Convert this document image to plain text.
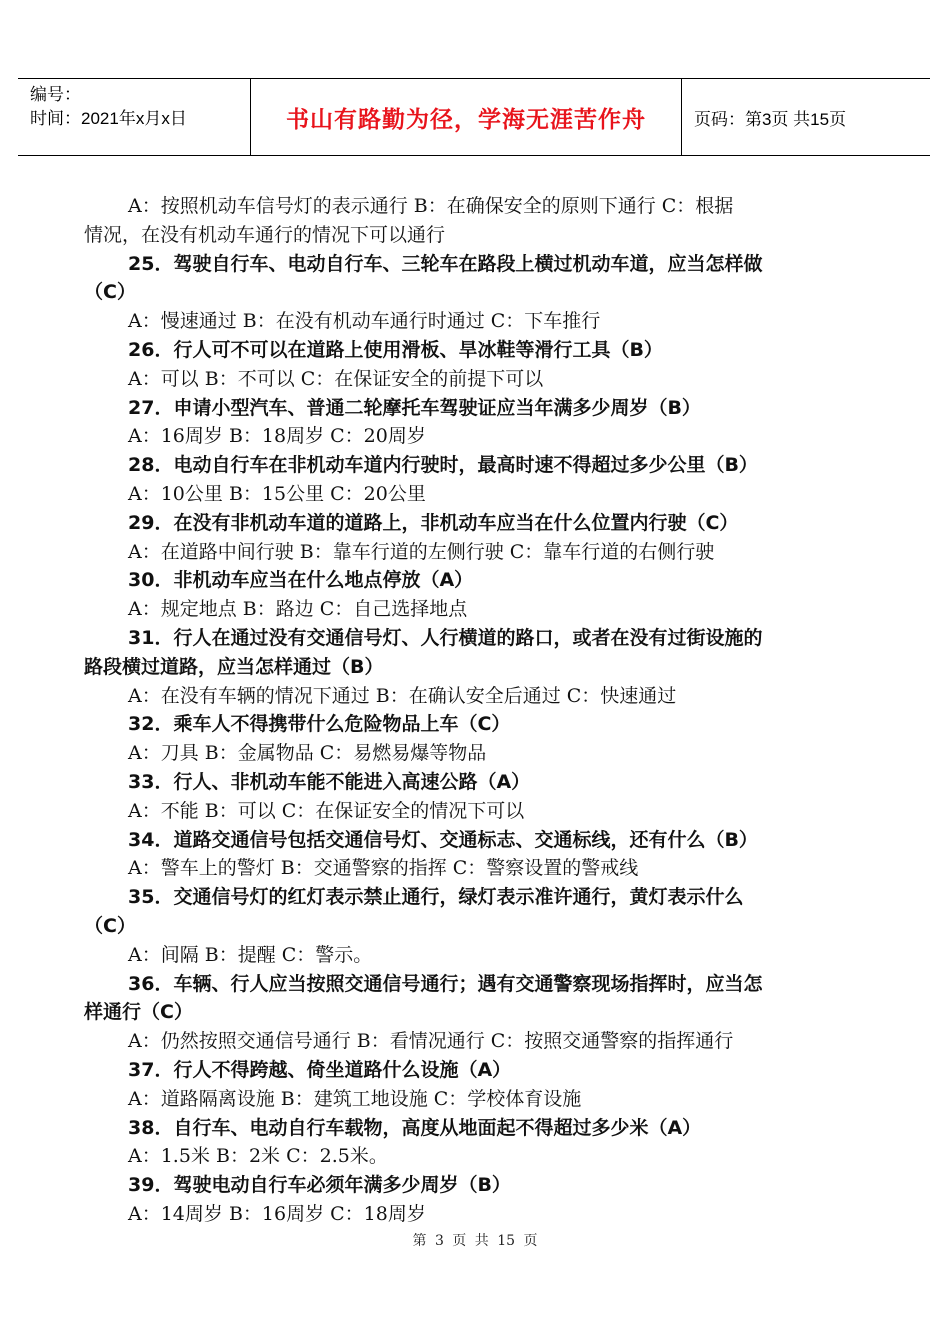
编号：
时间：2021年x月x日	书山有路勤为径，学海无涯苦作舟	页码：第3页 共15页
A：按照机动车信号灯的表示通行 B：在确保安全的原则下通行 C：根据
情况，在没有机动车通行的情况下可以通行
25．驾驶自行车、电动自行车、三轮车在路段上横过机动车道，应当怎样做
（C）
A：慢速通过 B：在没有机动车通行时通过 C：下车推行
26．行人可不可以在道路上使用滑板、旱冰鞋等滑行工具（B）
A：可以 B：不可以 C：在保证安全的前提下可以
27．申请小型汽车、普通二轮摩托车驾驶证应当年满多少周岁（B）
A：16周岁 B：18周岁 C：20周岁
28．电动自行车在非机动车道内行驶时，最高时速不得超过多少公里（B）
A：10公里 B：15公里 C：20公里
29．在没有非机动车道的道路上，非机动车应当在什么位置内行驶（C）
A：在道路中间行驶 B：靠车行道的左侧行驶 C：靠车行道的右侧行驶
30．非机动车应当在什么地点停放（A）
A：规定地点 B：路边 C：自己选择地点
31．行人在通过没有交通信号灯、人行横道的路口，或者在没有过街设施的
路段横过道路，应当怎样通过（B）
A：在没有车辆的情况下通过 B：在确认安全后通过 C：快速通过
32．乘车人不得携带什么危险物品上车（C）
A：刀具 B：金属物品 C：易燃易爆等物品
33．行人、非机动车能不能进入高速公路（A）
A：不能 B：可以 C：在保证安全的情况下可以
34．道路交通信号包括交通信号灯、交通标志、交通标线，还有什么（B）
A：警车上的警灯 B：交通警察的指挥 C：警察设置的警戒线
35．交通信号灯的红灯表示禁止通行，绿灯表示准许通行，黄灯表示什么
（C）
A：间隔 B：提醒 C：警示。
36．车辆、行人应当按照交通信号通行；遇有交通警察现场指挥时，应当怎
样通行（C）
A：仍然按照交通信号通行 B：看情况通行 C：按照交通警察的指挥通行
37．行人不得跨越、倚坐道路什么设施（A）
A：道路隔离设施 B：建筑工地设施 C：学校体育设施
38．自行车、电动自行车载物，高度从地面起不得超过多少米（A）
A：1.5米 B：2米 C：2.5米。
39．驾驶电动自行车必须年满多少周岁（B）
A：14周岁 B：16周岁 C：18周岁
第 3 页 共 15 页
